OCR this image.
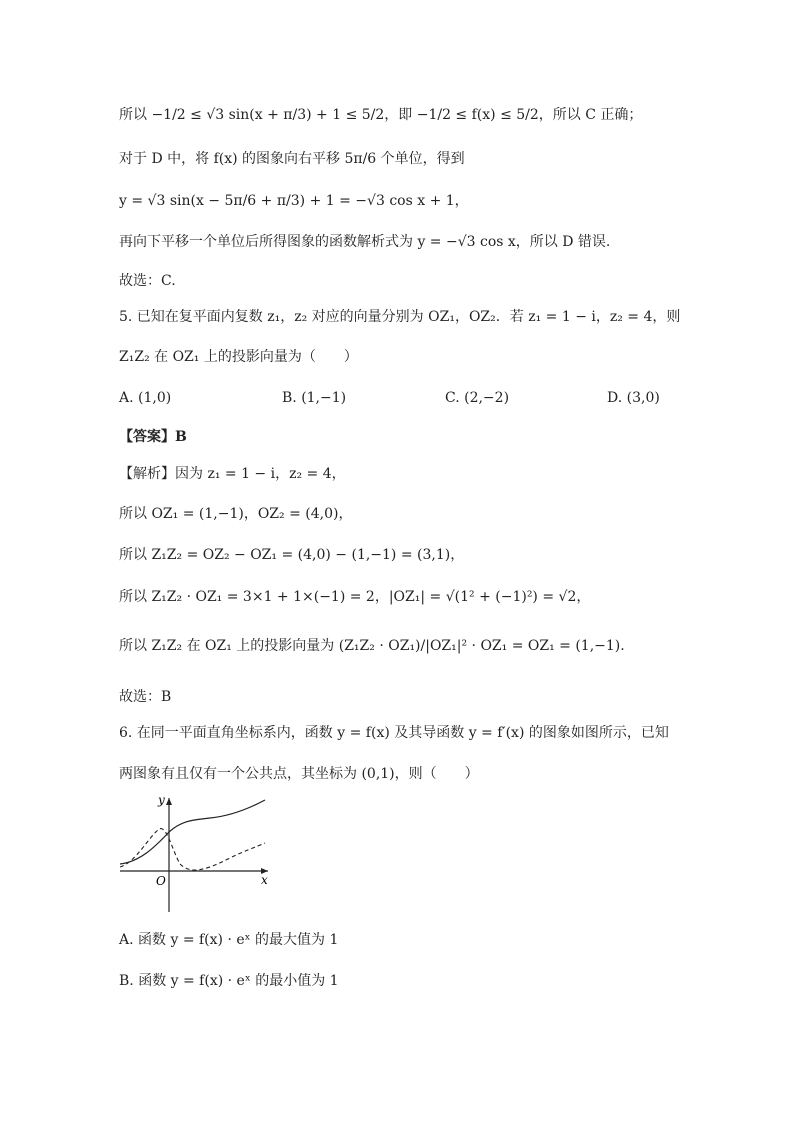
所以 −1/2 ≤ √3 sin(x + π/3) + 1 ≤ 5/2，即 −1/2 ≤ f(x) ≤ 5/2，所以 C 正确；
对于 D 中，将 f(x) 的图象向右平移 5π/6 个单位，得到
y = √3 sin(x − 5π/6 + π/3) + 1 = −√3 cos x + 1，
再向下平移一个单位后所得图象的函数解析式为 y = −√3 cos x，所以 D 错误.
故选：C.
5. 已知在复平面内复数 z₁，z₂ 对应的向量分别为 OZ₁，OZ₂．若 z₁ = 1 − i，z₂ = 4，则
Z₁Z₂ 在 OZ₁ 上的投影向量为（　　）
A. (1,0)	B. (1,−1)	C. (2,−2)	D. (3,0)
【答案】B
【解析】因为 z₁ = 1 − i，z₂ = 4，
所以 OZ₁ = (1,−1)，OZ₂ = (4,0)，
所以 Z₁Z₂ = OZ₂ − OZ₁ = (4,0) − (1,−1) = (3,1)，
所以 Z₁Z₂ · OZ₁ = 3×1 + 1×(−1) = 2，|OZ₁| = √(1² + (−1)²) = √2，
所以 Z₁Z₂ 在 OZ₁ 上的投影向量为 (Z₁Z₂ · OZ₁)/|OZ₁|² · OZ₁ = OZ₁ = (1,−1).
故选：B
6. 在同一平面直角坐标系内，函数 y = f(x) 及其导函数 y = f′(x) 的图象如图所示，已知
两图象有且仅有一个公共点，其坐标为 (0,1)，则（　　）
y
x
O
A. 函数 y = f(x) · eˣ 的最大值为 1
B. 函数 y = f(x) · eˣ 的最小值为 1
